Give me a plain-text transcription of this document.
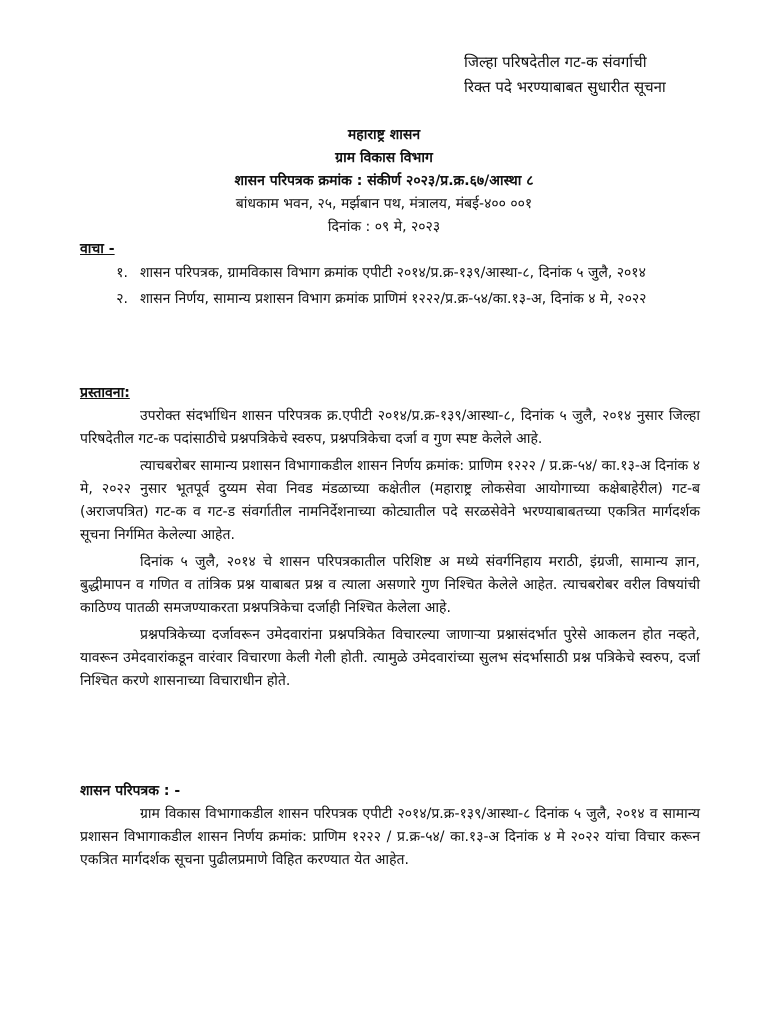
जिल्हा परिषदेतील गट-क संवर्गाची
रिक्त पदे भरण्याबाबत सुधारीत सूचना
महाराष्ट्र शासन
ग्राम विकास विभाग
शासन परिपत्रक क्रमांक : संकीर्ण २०२३/प्र.क्र.६७/आस्था ८
बांधकाम भवन, २५, मर्झबान पथ, मंत्रालय, मंबई-४०० ००१
दिनांक : ०९ मे, २०२३
वाचा -
१. शासन परिपत्रक, ग्रामविकास विभाग क्रमांक एपीटी २०१४/प्र.क्र-१३९/आस्था-८, दिनांक ५ जुलै, २०१४
२. शासन निर्णय, सामान्य प्रशासन विभाग क्रमांक प्राणिमं १२२२/प्र.क्र-५४/का.१३-अ, दिनांक ४ मे, २०२२
प्रस्तावना:

उपरोक्त संदर्भाधिन शासन परिपत्रक क्र.एपीटी २०१४/प्र.क्र-१३९/आस्था-८, दिनांक ५ जुलै, २०१४ नुसार जिल्हा परिषदेतील गट-क पदांसाठीचे प्रश्नपत्रिकेचे स्वरुप, प्रश्नपत्रिकेचा दर्जा व गुण स्पष्ट केलेले आहे.

त्याचबरोबर सामान्य प्रशासन विभागाकडील शासन निर्णय क्रमांक: प्राणिम १२२२ / प्र.क्र-५४/ का.१३-अ दिनांक ४ मे, २०२२ नुसार भूतपूर्व दुय्यम सेवा निवड मंडळाच्या कक्षेतील (महाराष्ट्र लोकसेवा आयोगाच्या कक्षेबाहेरील) गट-ब (अराजपत्रित) गट-क व गट-ड संवर्गातील नामनिर्देशनाच्या कोट्यातील पदे सरळसेवेने भरण्याबाबतच्या एकत्रित मार्गदर्शक सूचना निर्गमित केलेल्या आहेत.

दिनांक ५ जुलै, २०१४ चे शासन परिपत्रकातील परिशिष्ट अ मध्ये संवर्गनिहाय मराठी, इंग्रजी, सामान्य ज्ञान, बुद्धीमापन व गणित व तांत्रिक प्रश्न याबाबत प्रश्न व त्याला असणारे गुण निश्चित केलेले आहेत. त्याचबरोबर वरील विषयांची काठिण्य पातळी समजण्याकरता प्रश्नपत्रिकेचा दर्जाही निश्चित केलेला आहे.

प्रश्नपत्रिकेच्या दर्जावरून उमेदवारांना प्रश्नपत्रिकेत विचारल्या जाणाऱ्या प्रश्नासंदर्भात पुरेसे आकलन होत नव्हते, यावरून उमेदवारांकडून वारंवार विचारणा केली गेली होती. त्यामुळे उमेदवारांच्या सुलभ संदर्भासाठी प्रश्न पत्रिकेचे स्वरुप, दर्जा निश्चित करणे शासनाच्या विचाराधीन होते.

शासन परिपत्रक : -

ग्राम विकास विभागाकडील शासन परिपत्रक एपीटी २०१४/प्र.क्र-१३९/आस्था-८ दिनांक ५ जुलै, २०१४ व सामान्य प्रशासन विभागाकडील शासन निर्णय क्रमांक: प्राणिम १२२२ / प्र.क्र-५४/ का.१३-अ दिनांक ४ मे २०२२ यांचा विचार करून एकत्रित मार्गदर्शक सूचना पुढीलप्रमाणे विहित करण्यात येत आहेत.
